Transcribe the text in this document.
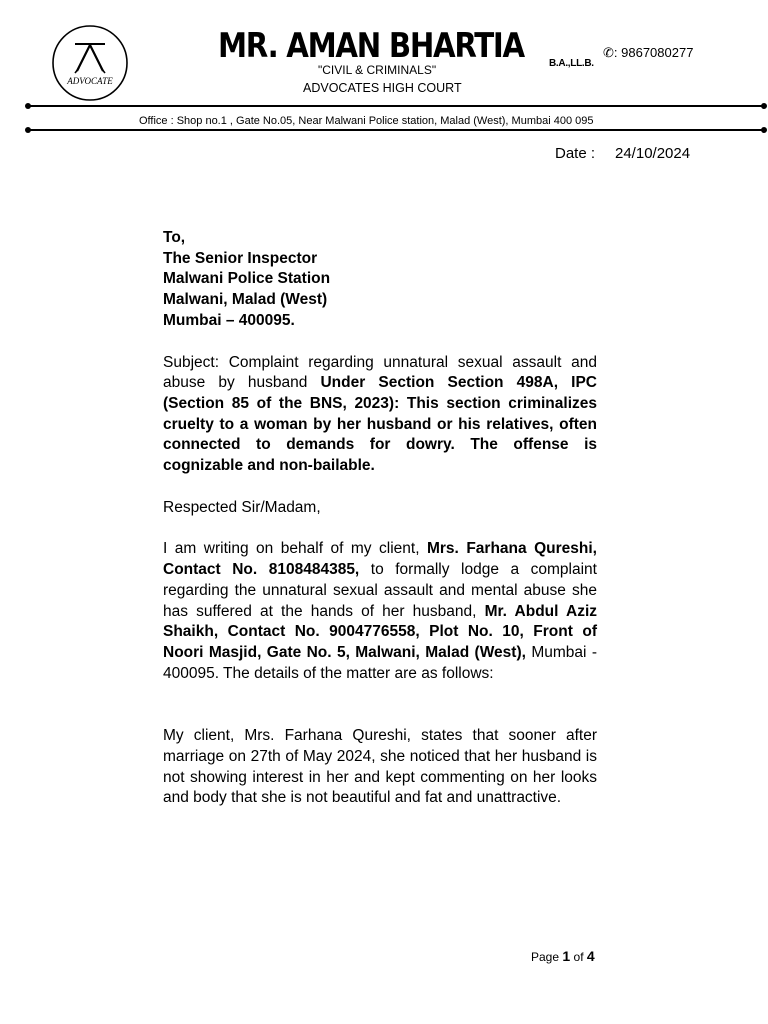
ADVOCATE
MR. AMAN BHARTIA	B.A.,LL.B.
✆: 9867080277
"CIVIL & CRIMINALS"
ADVOCATES HIGH COURT
Office : Shop no.1 , Gate No.05, Near Malwani Police station, Malad (West), Mumbai 400 095
Date : 24/10/2024
To,
The Senior Inspector
Malwani Police Station
Malwani, Malad (West)
Mumbai – 400095.

Subject: Complaint regarding unnatural sexual assault and abuse by husband Under Section Section 498A, IPC (Section 85 of the BNS, 2023): This section criminalizes cruelty to a woman by her husband or his relatives, often connected to demands for dowry. The offense is cognizable and non-bailable.

Respected Sir/Madam,

I am writing on behalf of my client, Mrs. Farhana Qureshi, Contact No. 8108484385, to formally lodge a complaint regarding the unnatural sexual assault and mental abuse she has suffered at the hands of her husband, Mr. Abdul Aziz Shaikh, Contact No. 9004776558, Plot No. 10, Front of Noori Masjid, Gate No. 5, Malwani, Malad (West), Mumbai - 400095. The details of the matter are as follows:

My client, Mrs. Farhana Qureshi, states that sooner after marriage on 27th of May 2024, she noticed that her husband is not showing interest in her and kept commenting on her looks and body that she is not beautiful and fat and unattractive.

Page 1 of 4
